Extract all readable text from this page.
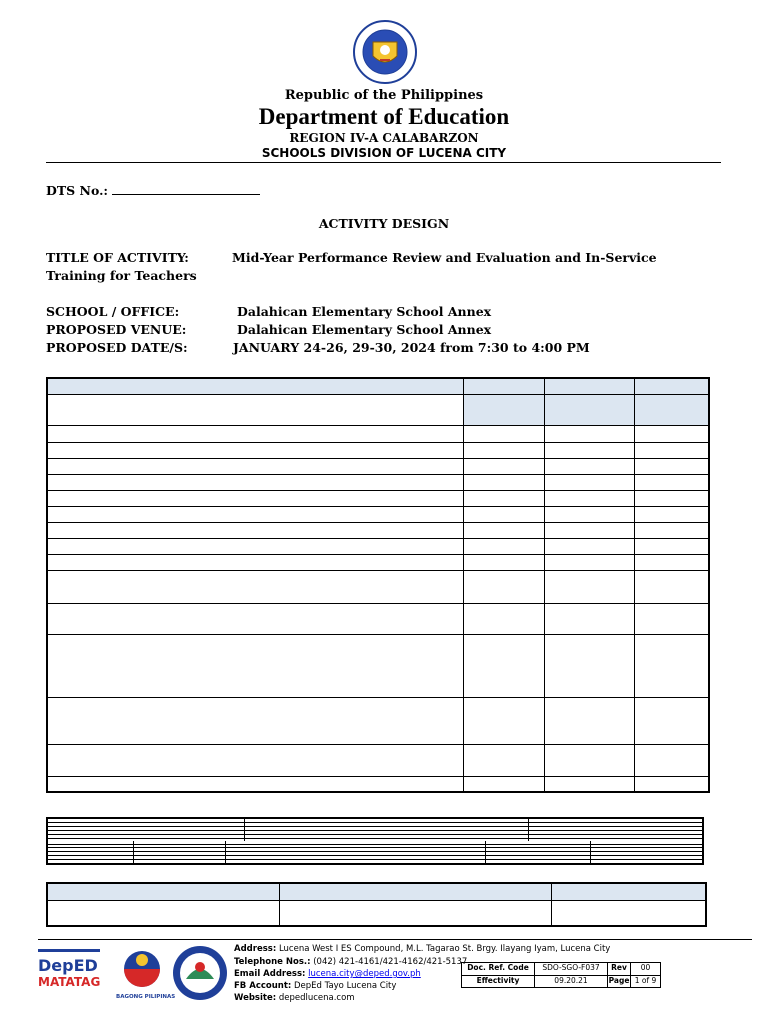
Republic of the Philippines
Department of Education
REGION IV-A CALABARZON
SCHOOLS DIVISION OF LUCENA CITY
DTS No.:
ACTIVITY DESIGN
TITLE OF ACTIVITY:	Mid-Year Performance Review and Evaluation and In-Service
Training for Teachers
SCHOOL / OFFICE:	Dalahican Elementary School Annex
PROPOSED VENUE:	Dalahican Elementary School Annex
PROPOSED DATE/S:	JANUARY 24-26, 29-30, 2024 from 7:30 to 4:00 PM
DepED
MATATAG
BAGONG PILIPINAS
Address: Lucena West I ES Compound, M.L. Tagarao St. Brgy. Ilayang Iyam, Lucena City
Telephone Nos.: (042) 421-4161/421-4162/421-5137
Email Address: lucena.city@deped.gov.ph
FB Account: DepEd Tayo Lucena City
Website: depedlucena.com
Doc. Ref. Code	SDO-SGO-F037	Rev	00
Effectivity	09.20.21	Page 1 of 9
